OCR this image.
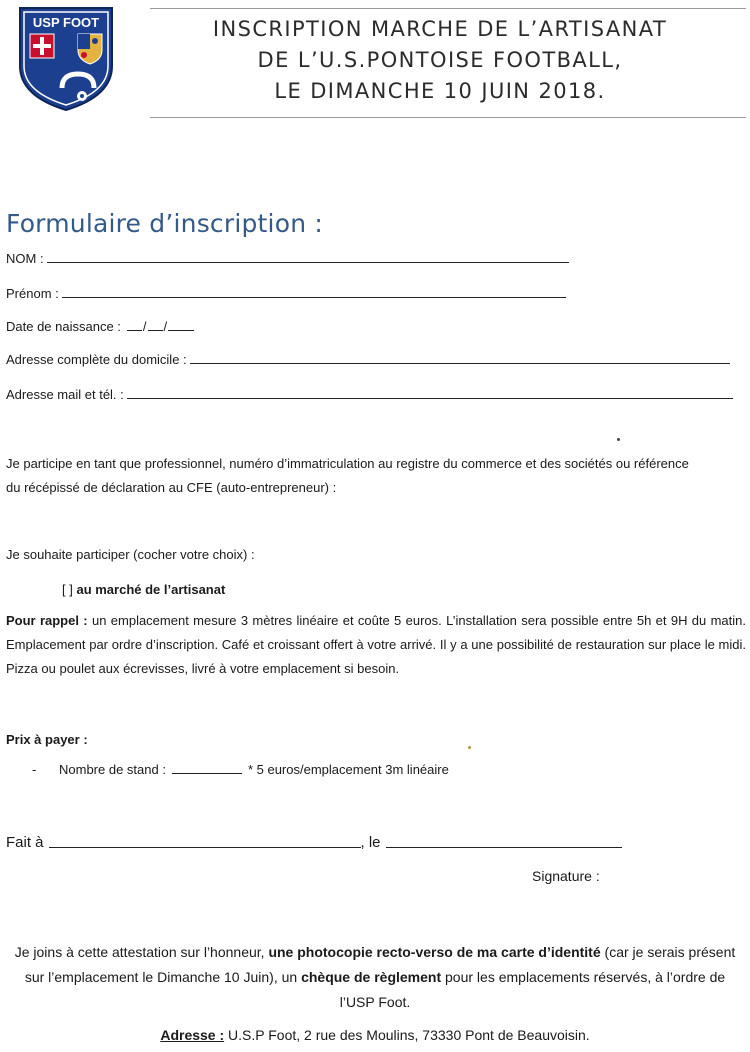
USP FOOT	INSCRIPTION MARCHE DE L’ARTISANAT
DE L’U.S.PONTOISE FOOTBALL,
LE DIMANCHE 10 JUIN 2018.
Formulaire d’inscription :
NOM :
Prénom :
Date de naissance : / /
Adresse complète du domicile :
Adresse mail et tél. :
Je participe en tant que professionnel, numéro d’immatriculation au registre du commerce et des sociétés ou référence
du récépissé de déclaration au CFE (auto-entrepreneur) :
Je souhaite participer (cocher votre choix) :
[ ] au marché de l’artisanat
Pour rappel : un emplacement mesure 3 mètres linéaire et coûte 5 euros. L’installation sera possible entre 5h et 9H du matin. Emplacement par ordre d’inscription. Café et croissant offert à votre arrivé. Il y a une possibilité de restauration sur place le midi. Pizza ou poulet aux écrevisses, livré à votre emplacement si besoin.
Prix à payer :
-	Nombre de stand :	* 5 euros/emplacement 3m linéaire
Fait à	, le
Signature :
Je joins à cette attestation sur l’honneur, une photocopie recto-verso de ma carte d’identité (car je serais présent sur l’emplacement le Dimanche 10 Juin), un chèque de règlement pour les emplacements réservés, à l’ordre de l’USP Foot.
Adresse : U.S.P Foot, 2 rue des Moulins, 73330 Pont de Beauvoisin.
